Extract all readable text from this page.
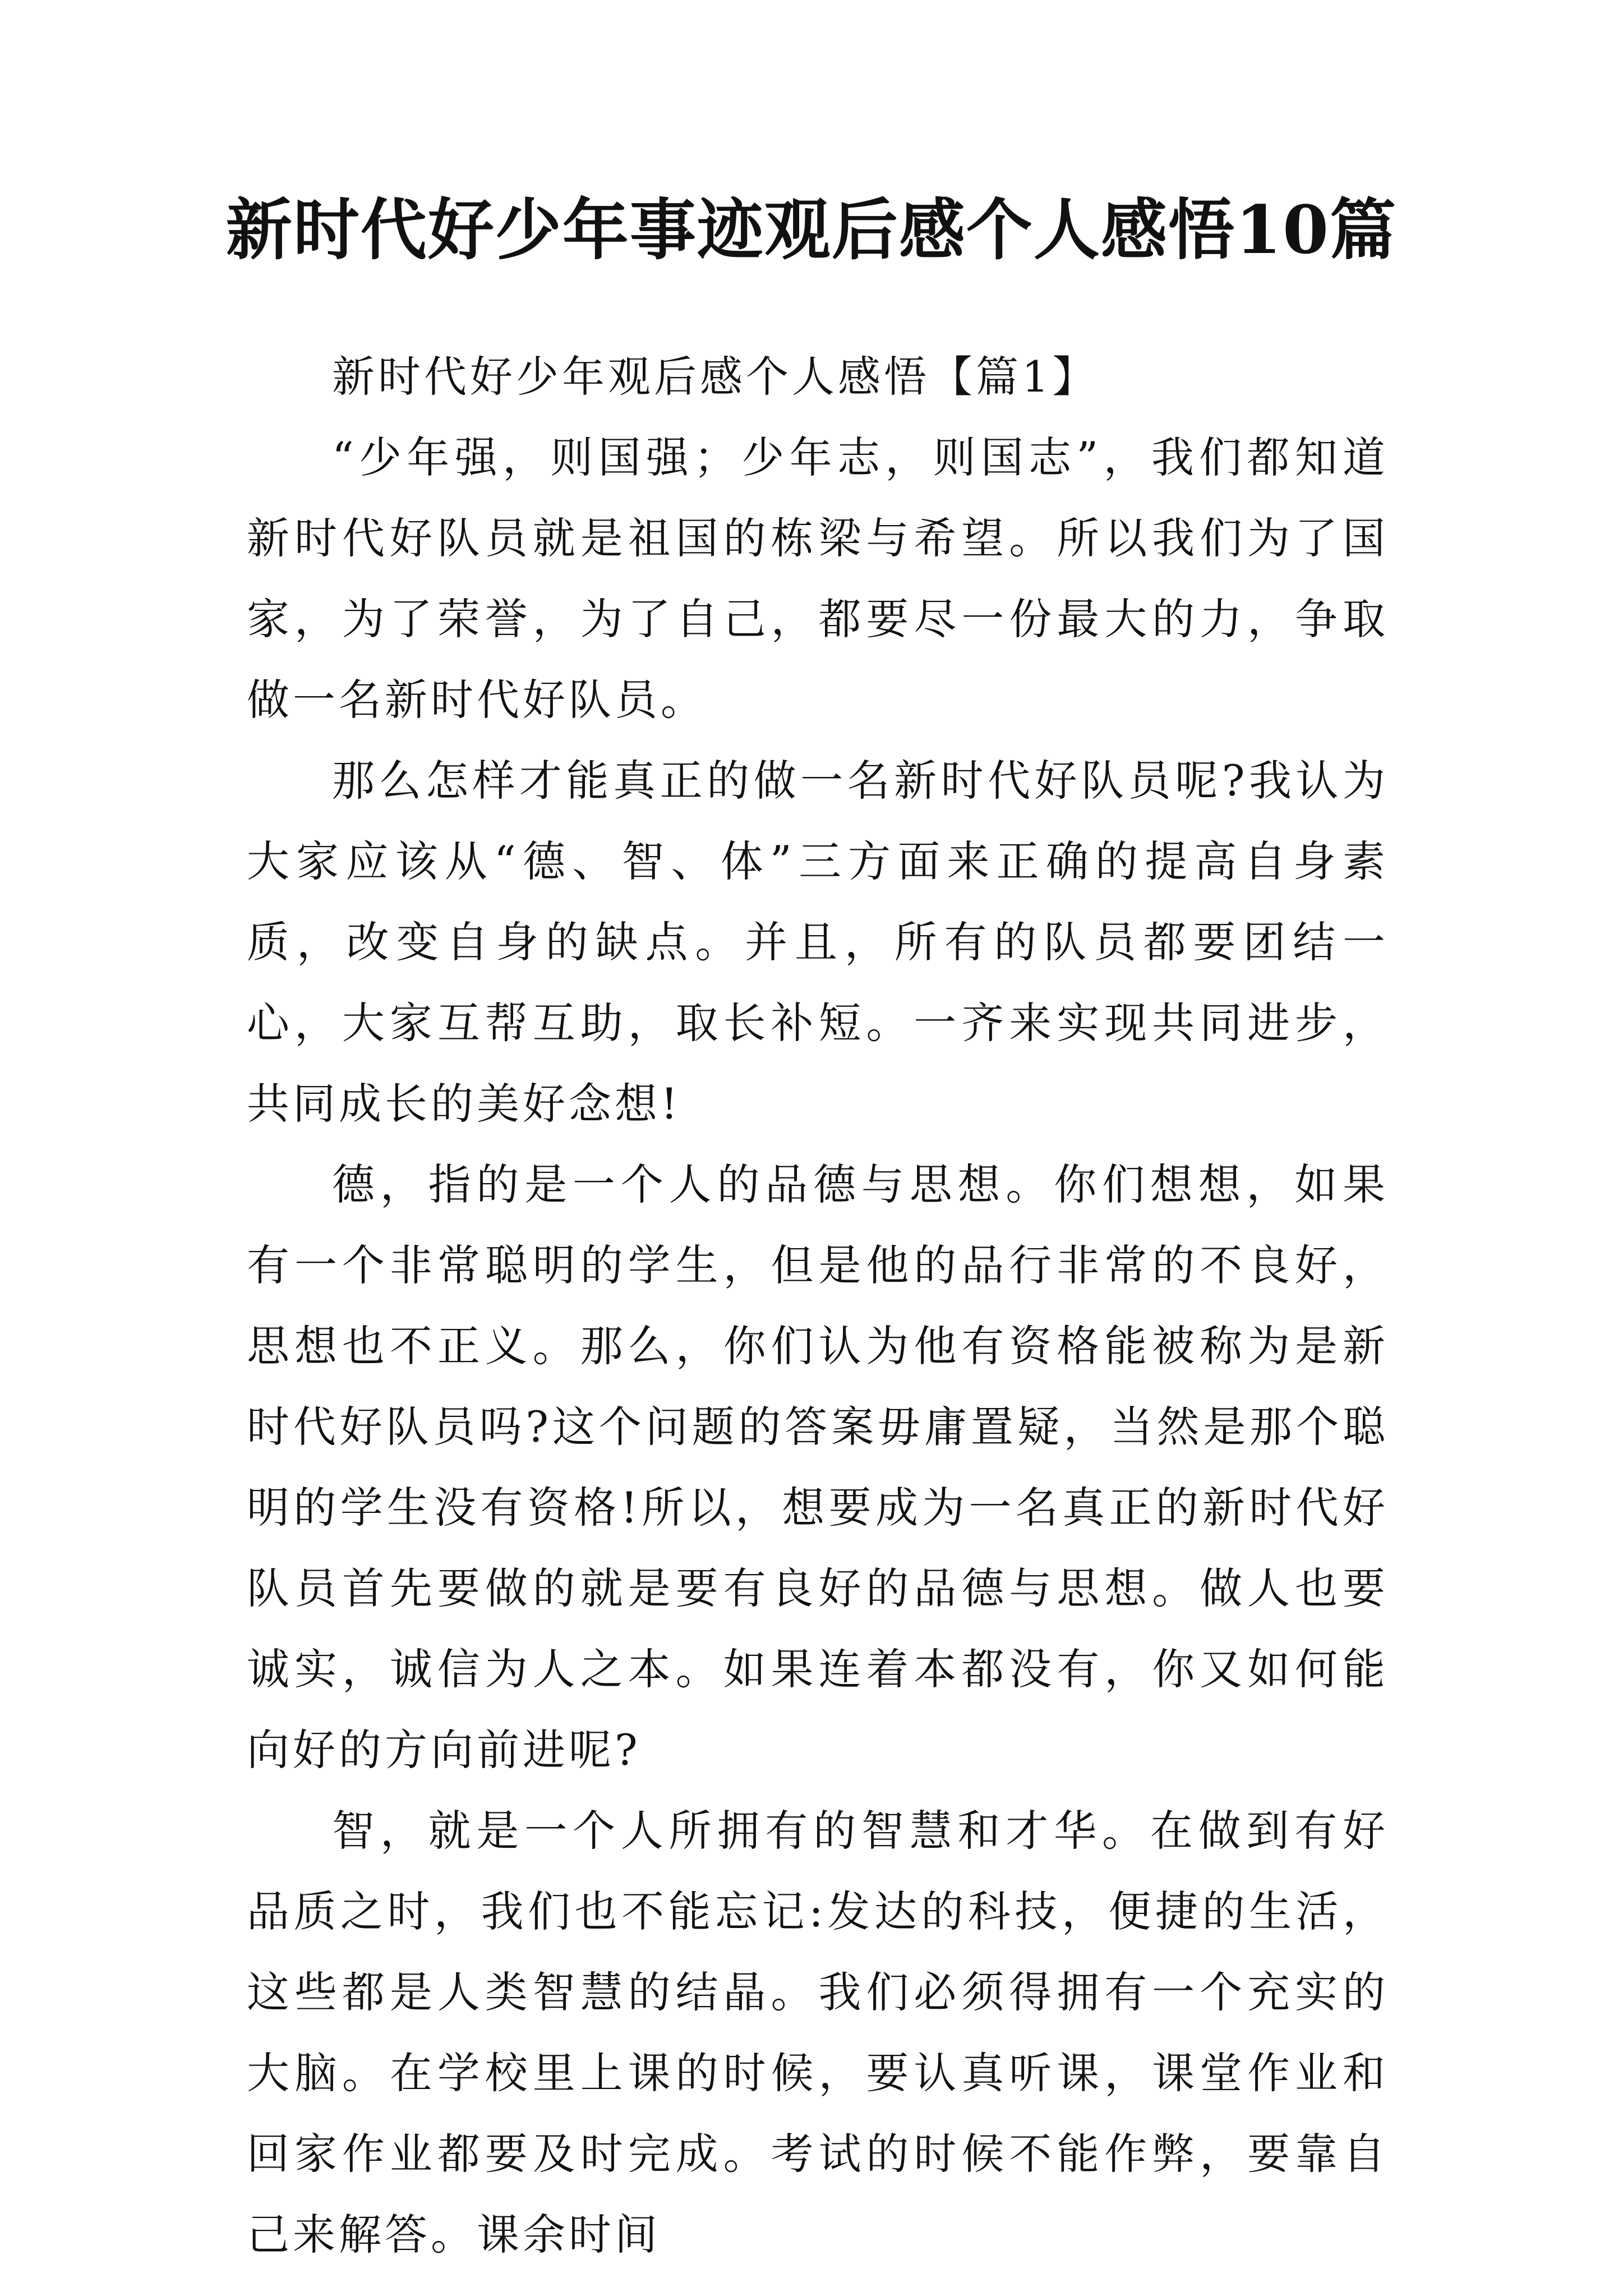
新时代好少年事迹观后感个人感悟10篇

新时代好少年观后感个人感悟【篇1】

“少年强，则国强；少年志，则国志”，我们都知道新时代好队员就是祖国的栋梁与希望。所以我们为了国家，为了荣誉，为了自己，都要尽一份最大的力，争取做一名新时代好队员。

那么怎样才能真正的做一名新时代好队员呢?我认为大家应该从“德、智、体”三方面来正确的提高自身素质，改变自身的缺点。并且，所有的队员都要团结一心，大家互帮互助，取长补短。一齐来实现共同进步，共同成长的美好念想!

德，指的是一个人的品德与思想。你们想想，如果有一个非常聪明的学生，但是他的品行非常的不良好，思想也不正义。那么，你们认为他有资格能被称为是新时代好队员吗?这个问题的答案毋庸置疑，当然是那个聪明的学生没有资格!所以，想要成为一名真正的新时代好队员首先要做的就是要有良好的品德与思想。做人也要诚实，诚信为人之本。如果连着本都没有，你又如何能向好的方向前进呢?

智，就是一个人所拥有的智慧和才华。在做到有好品质之时，我们也不能忘记:发达的科技，便捷的生活，这些都是人类智慧的结晶。我们必须得拥有一个充实的大脑。在学校里上课的时候，要认真听课，课堂作业和回家作业都要及时完成。考试的时候不能作弊，要靠自己来解答。课余时间
